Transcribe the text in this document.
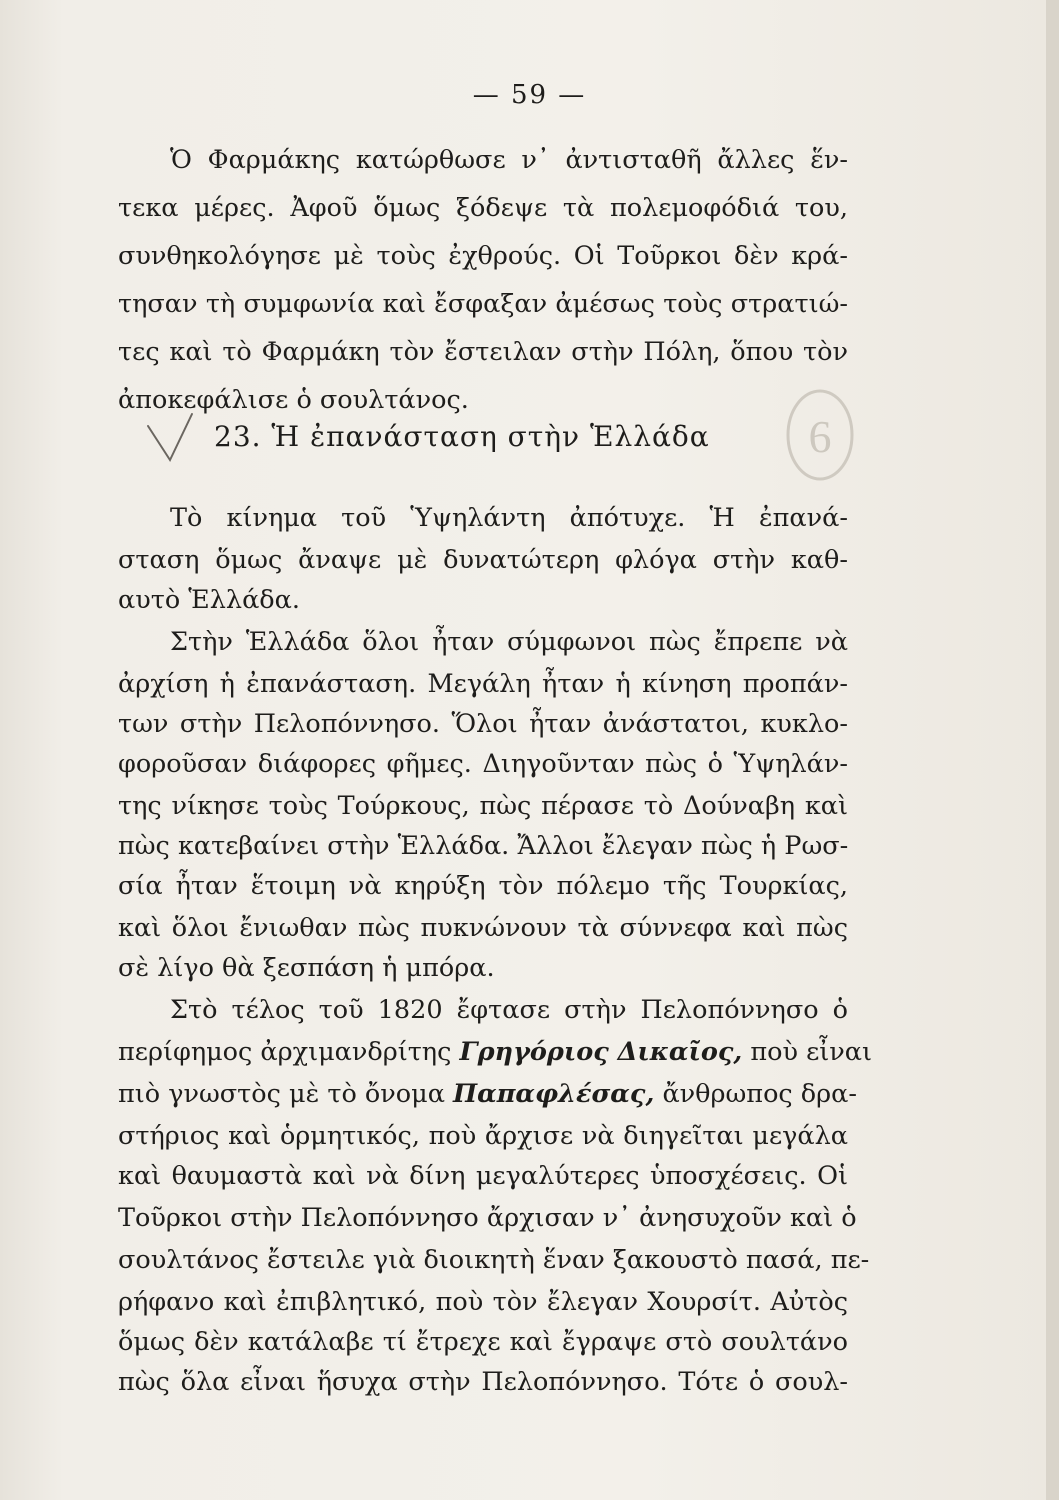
— 59 —
Ὁ Φαρμάκης κατώρθωσε ν᾽ ἀντισταθῆ ἄλλες ἕν-
τεκα μέρες. Ἀφοῦ ὅμως ξόδεψε τὰ πολεμοφόδιά του,
συνθηκολόγησε μὲ τοὺς ἐχθρούς. Οἱ Τοῦρκοι δὲν κρά-
τησαν τὴ συμφωνία καὶ ἔσφαξαν ἀμέσως τοὺς στρατιώ-
τες καὶ τὸ Φαρμάκη τὸν ἔστειλαν στὴν Πόλη, ὅπου τὸν
ἀποκεφάλισε ὁ σουλτάνος.
23. Ἡ ἐπανάσταση στὴν Ἑλλάδα
Τὸ κίνημα τοῦ Ὑψηλάντη ἀπότυχε. Ἡ ἐπανά-
σταση ὅμως ἄναψε μὲ δυνατώτερη φλόγα στὴν καθ-
αυτὸ Ἑλλάδα.
Στὴν Ἑλλάδα ὅλοι ἦταν σύμφωνοι πὼς ἔπρεπε νὰ
ἀρχίση ἡ ἐπανάσταση. Μεγάλη ἦταν ἡ κίνηση προπάν-
των στὴν Πελοπόννησο. Ὅλοι ἦταν ἀνάστατοι, κυκλο-
φοροῦσαν διάφορες φῆμες. Διηγοῦνταν πὼς ὁ Ὑψηλάν-
της νίκησε τοὺς Τούρκους, πὼς πέρασε τὸ Δούναβη καὶ
πὼς κατεβαίνει στὴν Ἑλλάδα. Ἄλλοι ἔλεγαν πὼς ἡ Ρωσ-
σία ἦταν ἕτοιμη νὰ κηρύξη τὸν πόλεμο τῆς Τουρκίας,
καὶ ὅλοι ἔνιωθαν πὼς πυκνώνουν τὰ σύννεφα καὶ πὼς
σὲ λίγο θὰ ξεσπάση ἡ μπόρα.
Στὸ τέλος τοῦ 1820 ἔφτασε στὴν Πελοπόννησο ὁ
περίφημος ἀρχιμανδρίτης Γρηγόριος Δικαῖος, ποὺ εἶναι
πιὸ γνωστὸς μὲ τὸ ὄνομα Παπαφλέσας, ἄνθρωπος δρα-
στήριος καὶ ὁρμητικός, ποὺ ἄρχισε νὰ διηγεῖται μεγάλα
καὶ θαυμαστὰ καὶ νὰ δίνη μεγαλύτερες ὑποσχέσεις. Οἱ
Τοῦρκοι στὴν Πελοπόννησο ἄρχισαν ν᾽ ἀνησυχοῦν καὶ ὁ
σουλτάνος ἔστειλε γιὰ διοικητὴ ἕναν ξακουστὸ πασά, πε-
ρήφανο καὶ ἐπιβλητικό, ποὺ τὸν ἔλεγαν Χουρσίτ. Αὐτὸς
ὅμως δὲν κατάλαβε τί ἔτρεχε καὶ ἔγραψε στὸ σουλτάνο
πὼς ὅλα εἶναι ἥσυχα στὴν Πελοπόννησο. Τότε ὁ σουλ-
6
